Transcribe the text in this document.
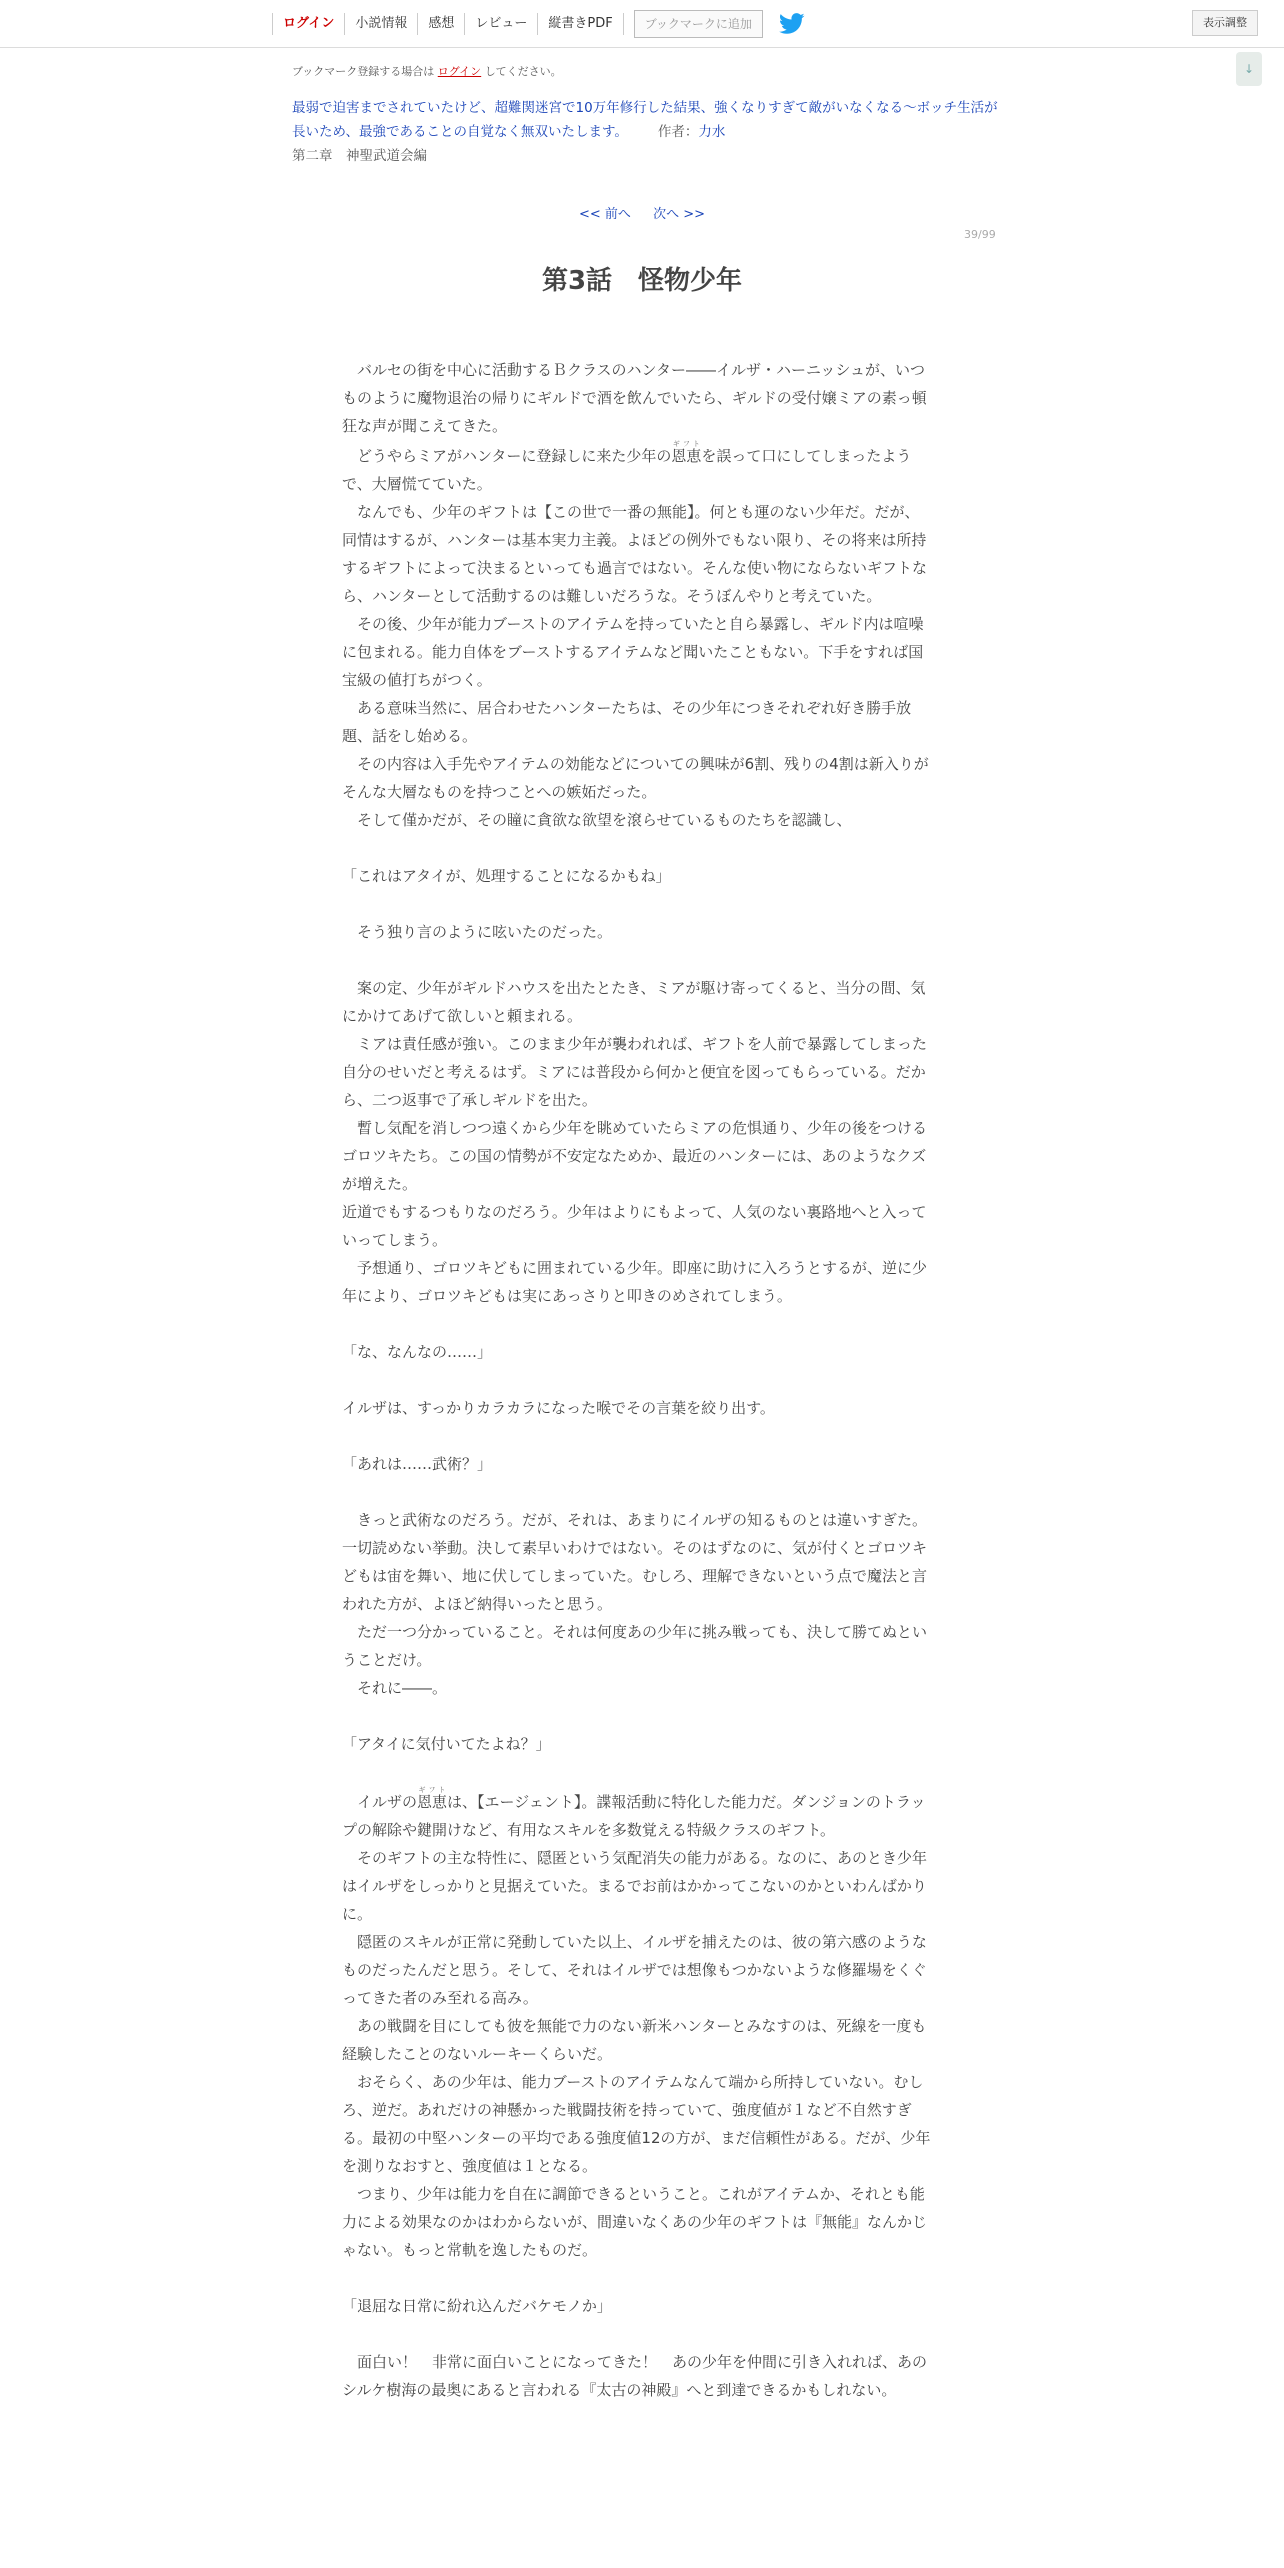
ログイン	小説情報	感想	レビュー	縦書きPDF	ブックマークに追加	表示調整
↓
ブックマーク登録する場合は ログイン してください。
最弱で迫害までされていたけど、超難関迷宮で10万年修行した結果、強くなりすぎて敵がいなくなる～ボッチ生活が長いため、最強であることの自覚なく無双いたします。 作者：力水
第二章　神聖武道会編
<< 前へ 次へ >>
39/99
第3話　怪物少年
　バルセの街を中心に活動するＢクラスのハンター――イルザ・ハーニッシュが、いつものように魔物退治の帰りにギルドで酒を飲んでいたら、ギルドの受付嬢ミアの素っ頓狂な声が聞こえてきた。
　どうやらミアがハンターに登録しに来た少年の恩恵ギフトを誤って口にしてしまったようで、大層慌てていた。
　なんでも、少年のギフトは【この世で一番の無能】。何とも運のない少年だ。だが、同情はするが、ハンターは基本実力主義。よほどの例外でもない限り、その将来は所持するギフトによって決まるといっても過言ではない。そんな使い物にならないギフトなら、ハンターとして活動するのは難しいだろうな。そうぼんやりと考えていた。
　その後、少年が能力ブーストのアイテムを持っていたと自ら暴露し、ギルド内は喧噪に包まれる。能力自体をブーストするアイテムなど聞いたこともない。下手をすれば国宝級の値打ちがつく。
　ある意味当然に、居合わせたハンターたちは、その少年につきそれぞれ好き勝手放題、話をし始める。
　その内容は入手先やアイテムの効能などについての興味が6割、残りの4割は新入りがそんな大層なものを持つことへの嫉妬だった。
　そして僅かだが、その瞳に貪欲な欲望を滾らせているものたちを認識し、
「これはアタイが、処理することになるかもね」
　そう独り言のように呟いたのだった。
　案の定、少年がギルドハウスを出たとたき、ミアが駆け寄ってくると、当分の間、気にかけてあげて欲しいと頼まれる。
　ミアは責任感が強い。このまま少年が襲われれば、ギフトを人前で暴露してしまった自分のせいだと考えるはず。ミアには普段から何かと便宜を図ってもらっている。だから、二つ返事で了承しギルドを出た。
　暫し気配を消しつつ遠くから少年を眺めていたらミアの危惧通り、少年の後をつけるゴロツキたち。この国の情勢が不安定なためか、最近のハンターには、あのようなクズが増えた。
近道でもするつもりなのだろう。少年はよりにもよって、人気のない裏路地へと入っていってしまう。
　予想通り、ゴロツキどもに囲まれている少年。即座に助けに入ろうとするが、逆に少年により、ゴロツキどもは実にあっさりと叩きのめされてしまう。
「な、なんなの……」
イルザは、すっかりカラカラになった喉でその言葉を絞り出す。
「あれは……武術？」
　きっと武術なのだろう。だが、それは、あまりにイルザの知るものとは違いすぎた。
一切読めない挙動。決して素早いわけではない。そのはずなのに、気が付くとゴロツキどもは宙を舞い、地に伏してしまっていた。むしろ、理解できないという点で魔法と言われた方が、よほど納得いったと思う。
　ただ一つ分かっていること。それは何度あの少年に挑み戦っても、決して勝てぬということだけ。
　それに――。
「アタイに気付いてたよね？」
　イルザの恩恵ギフトは、【エージェント】。諜報活動に特化した能力だ。ダンジョンのトラップの解除や鍵開けなど、有用なスキルを多数覚える特級クラスのギフト。
　そのギフトの主な特性に、隠匿という気配消失の能力がある。なのに、あのとき少年はイルザをしっかりと見据えていた。まるでお前はかかってこないのかといわんばかりに。
　隠匿のスキルが正常に発動していた以上、イルザを捕えたのは、彼の第六感のようなものだったんだと思う。そして、それはイルザでは想像もつかないような修羅場をくぐってきた者のみ至れる高み。
　あの戦闘を目にしても彼を無能で力のない新米ハンターとみなすのは、死線を一度も経験したことのないルーキーくらいだ。
　おそらく、あの少年は、能力ブーストのアイテムなんて端から所持していない。むしろ、逆だ。あれだけの神懸かった戦闘技術を持っていて、強度値が１など不自然すぎる。最初の中堅ハンターの平均である強度値12の方が、まだ信頼性がある。だが、少年を測りなおすと、強度値は１となる。
　つまり、少年は能力を自在に調節できるということ。これがアイテムか、それとも能力による効果なのかはわからないが、間違いなくあの少年のギフトは『無能』なんかじゃない。もっと常軌を逸したものだ。
「退屈な日常に紛れ込んだバケモノか」
　面白い！　非常に面白いことになってきた！　あの少年を仲間に引き入れれば、あのシルケ樹海の最奥にあると言われる『太古の神殿』へと到達できるかもしれない。
